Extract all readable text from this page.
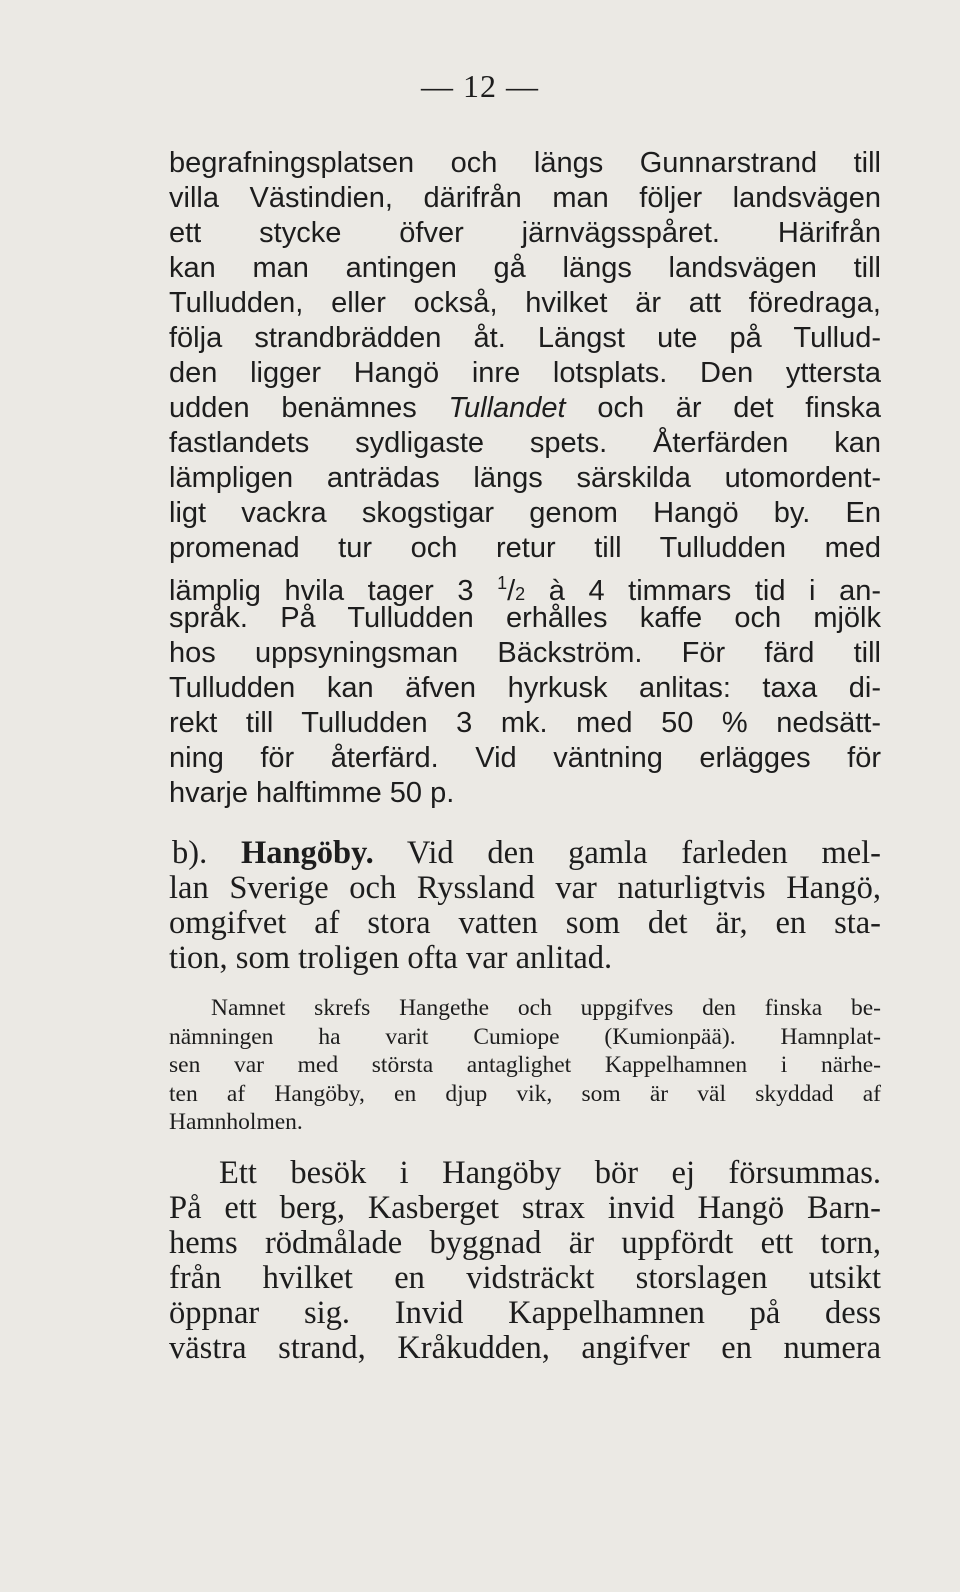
— 12 —
begrafningsplatsen och längs Gunnarstrand till
villa Västindien, därifrån man följer landsvägen
ett stycke öfver järnvägsspåret. Härifrån
kan man antingen gå längs landsvägen till
Tulludden, eller också, hvilket är att föredraga,
följa strandbrädden åt. Längst ute på Tullud-
den ligger Hangö inre lotsplats. Den yttersta
udden benämnes Tullandet och är det finska
fastlandets sydligaste spets. Återfärden kan
lämpligen anträdas längs särskilda utomordent-
ligt vackra skogstigar genom Hangö by. En
promenad tur och retur till Tulludden med
lämplig hvila tager 3 $^1$/2 à 4 timmars tid i an-
språk. På Tulludden erhålles kaffe och mjölk
hos uppsyningsman Bäckström. För färd till
Tulludden kan äfven hyrkusk anlitas: taxa di-
rekt till Tulludden 3 mk. med 50 % nedsätt-
ning för återfärd. Vid väntning erlägges för
hvarje halftimme 50 p.
b). Hangöby. Vid den gamla farleden mel-
lan Sverige och Ryssland var naturligtvis Hangö,
omgifvet af stora vatten som det är, en sta-
tion, som troligen ofta var anlitad.
Namnet skrefs Hangethe och uppgifves den finska be-
nämningen ha varit Cumiope (Kumionpää). Hamnplat-
sen var med största antaglighet Kappelhamnen i närhe-
ten af Hangöby, en djup vik, som är väl skyddad af
Hamnholmen.
Ett besök i Hangöby bör ej försummas.
På ett berg, Kasberget strax invid Hangö Barn-
hems rödmålade byggnad är uppfördt ett torn,
från hvilket en vidsträckt storslagen utsikt
öppnar sig. Invid Kappelhamnen på dess
västra strand, Kråkudden, angifver en numera
